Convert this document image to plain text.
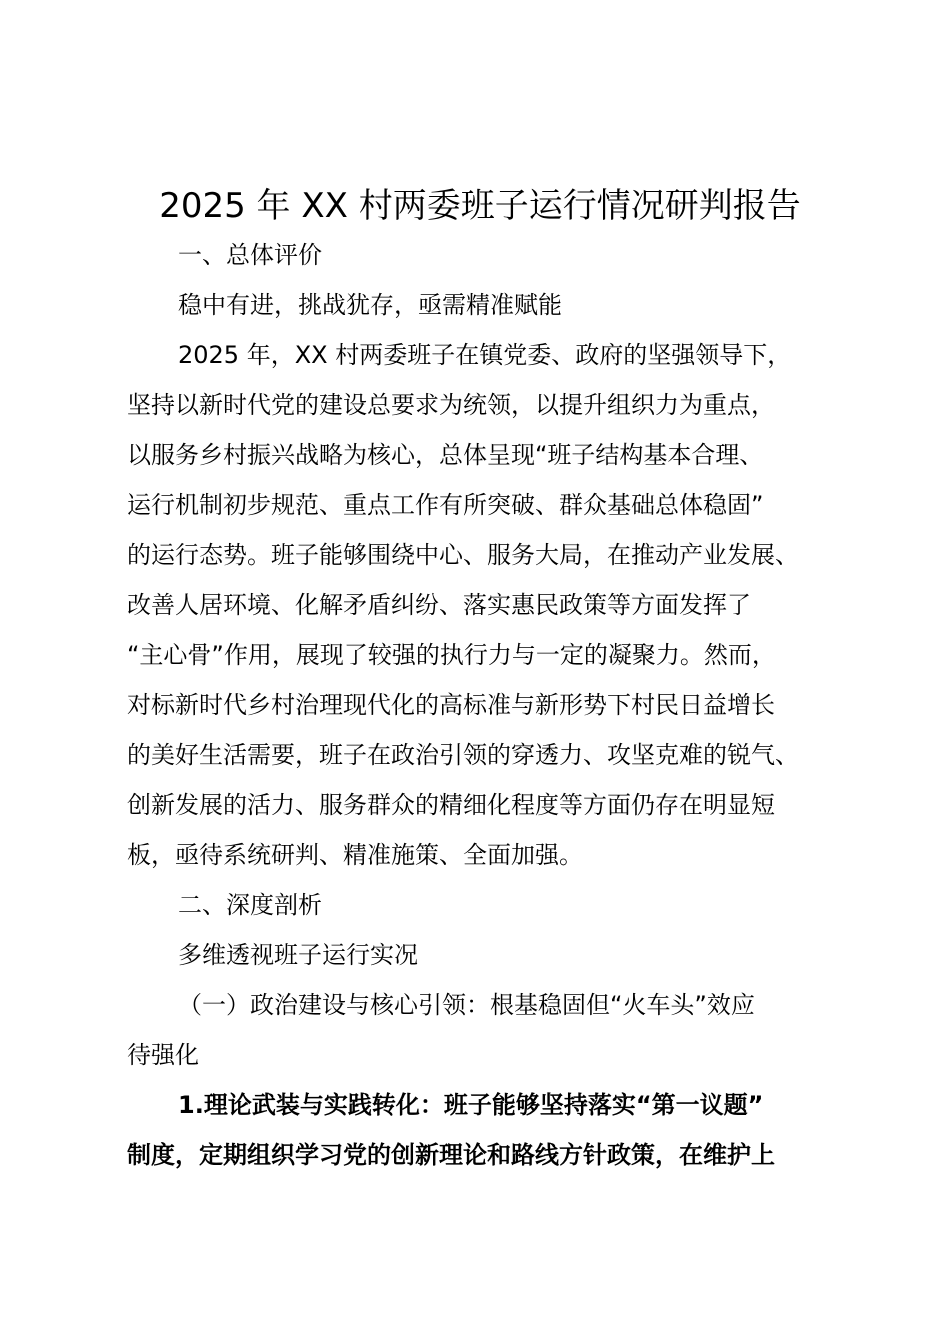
2025 年 XX 村两委班子运行情况研判报告
一、总体评价
稳中有进，挑战犹存，亟需精准赋能
2025 年，XX 村两委班子在镇党委、政府的坚强领导下，
坚持以新时代党的建设总要求为统领，以提升组织力为重点，
以服务乡村振兴战略为核心，总体呈现“班子结构基本合理、
运行机制初步规范、重点工作有所突破、群众基础总体稳固”
的运行态势。班子能够围绕中心、服务大局，在推动产业发展、
改善人居环境、化解矛盾纠纷、落实惠民政策等方面发挥了
“主心骨”作用，展现了较强的执行力与一定的凝聚力。然而，
对标新时代乡村治理现代化的高标准与新形势下村民日益增长
的美好生活需要，班子在政治引领的穿透力、攻坚克难的锐气、
创新发展的活力、服务群众的精细化程度等方面仍存在明显短
板，亟待系统研判、精准施策、全面加强。
二、深度剖析
多维透视班子运行实况
（一）政治建设与核心引领：根基稳固但“火车头”效应
待强化
1.理论武装与实践转化：班子能够坚持落实“第一议题”
制度，定期组织学习党的创新理论和路线方针政策，在维护上
